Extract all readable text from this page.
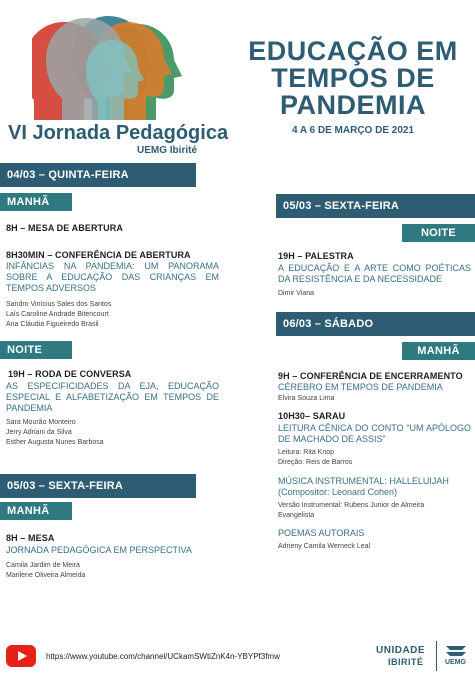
VI Jornada Pedagógica
UEMG Ibirité
EDUCAÇÃO EM
TEMPOS DE
PANDEMIA
4 A 6 DE MARÇO DE 2021
04/03 – QUINTA-FEIRA
MANHÃ
8H – MESA DE ABERTURA
8H30MIN – CONFERÊNCIA DE ABERTURA
INFÂNCIAS NA PANDEMIA: UM PANORAMA
SOBRE A EDUCAÇÃO DAS CRIANÇAS EM
TEMPOS ADVERSOS
Sandro Vinícius Sales dos Santos
Laís Caroline Andrade Bitencourt
Ana Cláudia Figueiredo Brasil
NOITE
19H – RODA DE CONVERSA
AS ESPECIFICIDADES DA EJA, EDUCAÇÃO
ESPECIAL E ALFABETIZAÇÃO EM TEMPOS DE
PANDEMIA
Sara Mourão Monteiro
Jerry Adriani da Silva
Esther Augusta Nunes Barbosa
05/03 – SEXTA-FEIRA
MANHÃ
8H – MESA
JORNADA PEDAGÓGICA EM PERSPECTIVA
Camila Jardim de Meira
Marilene Oliveira Almeida
05/03 – SEXTA-FEIRA
NOITE
19H – PALESTRA
A EDUCAÇÃO E A ARTE COMO POÉTICAS
DA RESISTÊNCIA E DA NECESSIDADE
Dimir Viana
06/03 – SÁBADO
MANHÃ
9H – CONFERÊNCIA DE ENCERRAMENTO
CÉREBRO EM TEMPOS DE PANDEMIA
Elvira Souza Lima
10H30– SARAU
LEITURA CÊNICA DO CONTO “UM APÓLOGO
DE MACHADO DE ASSIS”
Leitura: Rita Knop
Direção: Reis de Barros
MÚSICA INSTRUMENTAL: HALLELUIJAH
(Compositor: Leonard Cohen)
Versão Instrumental: Rubens Junior de Almeira
Evangelista
POEMAS AUTORAIS
Adrieny Camila Werneck Leal
https://www.youtube.com/channel/UCkamSWtiZnK4n-YBYPf3fmw
UNIDADE
IBIRITÉ	UEMG
